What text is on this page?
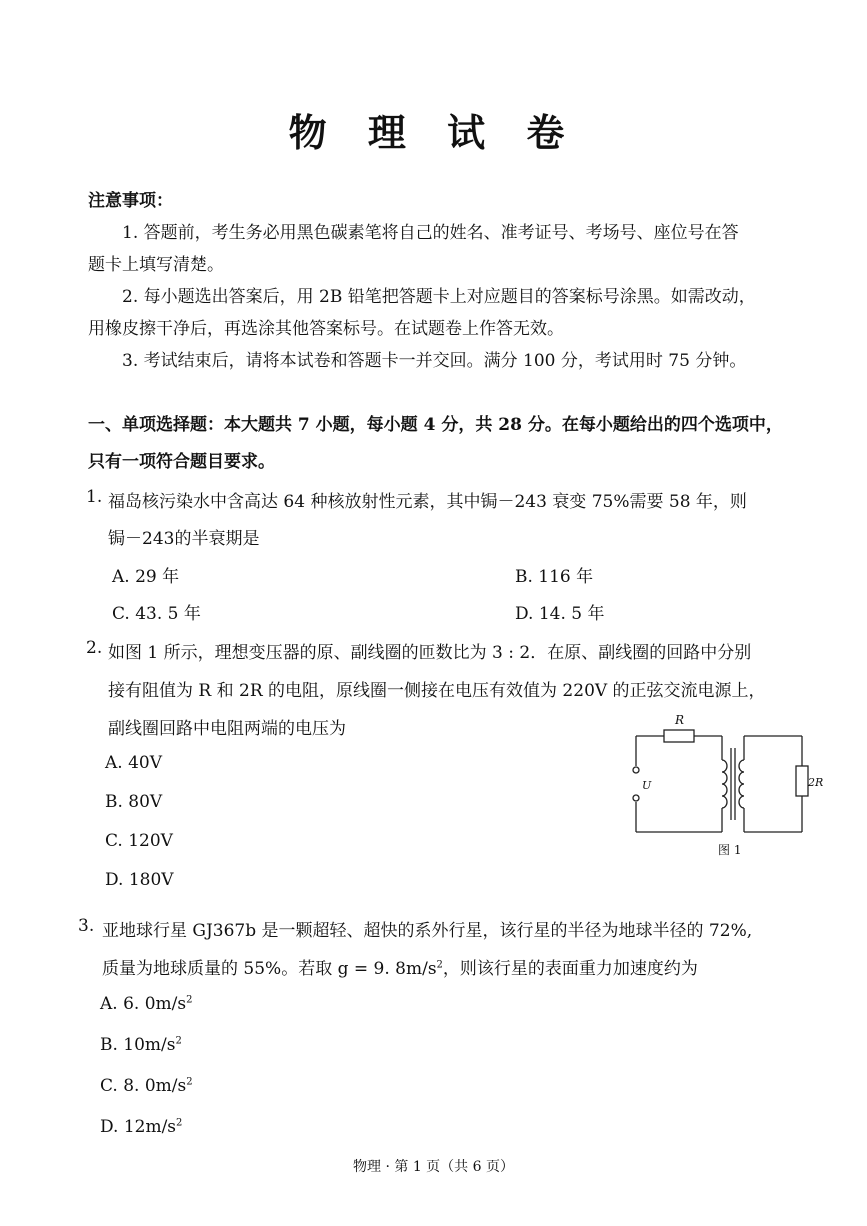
物 理 试 卷
注意事项：
1. 答题前，考生务必用黑色碳素笔将自己的姓名、准考证号、考场号、座位号在答
题卡上填写清楚。
2. 每小题选出答案后，用 2B 铅笔把答题卡上对应题目的答案标号涂黑。如需改动，
用橡皮擦干净后，再选涂其他答案标号。在试题卷上作答无效。
3. 考试结束后，请将本试卷和答题卡一并交回。满分 100 分，考试用时 75 分钟。
一、单项选择题：本大题共 7 小题，每小题 4 分，共 28 分。在每小题给出的四个选项中，
只有一项符合题目要求。
1. 福岛核污染水中含高达 64 种核放射性元素，其中锔－243 衰变 75%需要 58 年，则
锔－243的半衰期是
A. 29 年	B. 116 年
C. 43. 5 年	D. 14. 5 年
2. 如图 1 所示，理想变压器的原、副线圈的匝数比为 3 : 2．在原、副线圈的回路中分别
接有阻值为 R 和 2R 的电阻，原线圈一侧接在电压有效值为 220V 的正弦交流电源上，
副线圈回路中电阻两端的电压为
A. 40V
B. 80V
C. 120V
D. 180V
R
2R
U
图 1
3. 亚地球行星 GJ367b 是一颗超轻、超快的系外行星，该行星的半径为地球半径的 72%,
质量为地球质量的 55%。若取 g = 9. $8m/s^2$，则该行星的表面重力加速度约为
A. 6. $0m/s^2$
B. $10m/s^2$
C. 8. $0m/s^2$
D. $12m/s^2$
物理 · 第 1 页（共 6 页）
